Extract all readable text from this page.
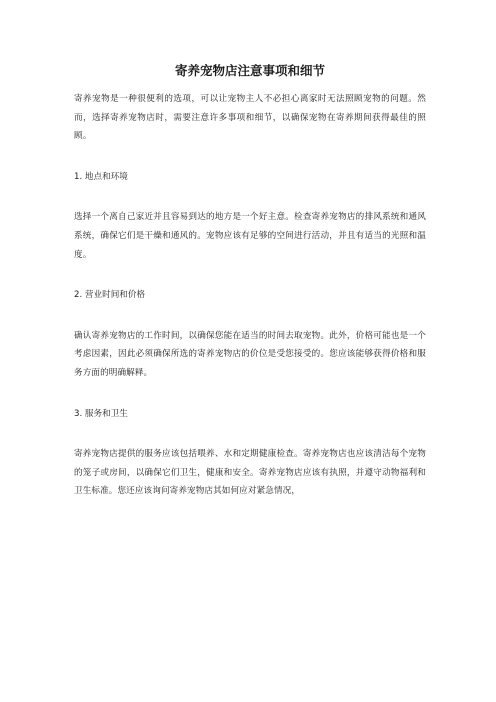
寄养宠物店注意事项和细节

寄养宠物是一种很便利的选项，可以让宠物主人不必担心离家时无法照顾宠物的问题。然而，选择寄养宠物店时，需要注意许多事项和细节，以确保宠物在寄养期间获得最佳的照顾。

1. 地点和环境

选择一个离自己家近并且容易到达的地方是一个好主意。检查寄养宠物店的排风系统和通风系统，确保它们是干燥和通风的。宠物应该有足够的空间进行活动，并且有适当的光照和温度。

2. 营业时间和价格

确认寄养宠物店的工作时间，以确保您能在适当的时间去取宠物。此外，价格可能也是一个考虑因素，因此必须确保所选的寄养宠物店的价位是受您接受的。您应该能够获得价格和服务方面的明确解释。

3. 服务和卫生

寄养宠物店提供的服务应该包括喂养、水和定期健康检查。寄养宠物店也应该清洁每个宠物的笼子或房间，以确保它们卫生，健康和安全。寄养宠物店应该有执照，并遵守动物福利和卫生标准。您还应该询问寄养宠物店其如何应对紧急情况，
